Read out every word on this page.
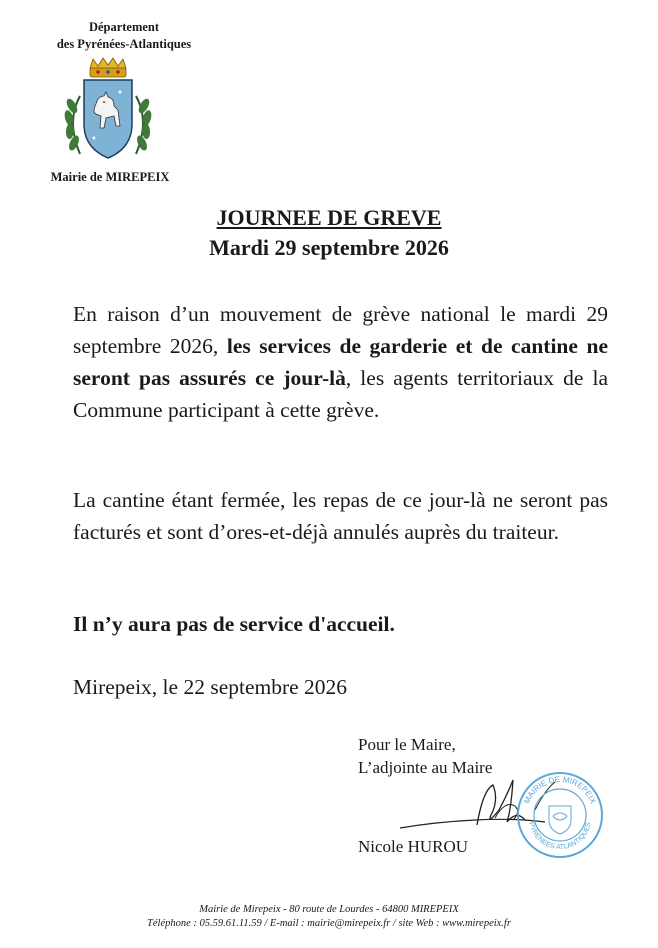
Département
des Pyrénées-Atlantiques
Mairie de MIREPEIX
JOURNEE DE GREVE
Mardi 29 septembre 2026

En raison d’un mouvement de grève national le mardi 29 septembre 2026, les services de garderie et de cantine ne seront pas assurés ce jour-là, les agents territoriaux de la Commune participant à cette grève.

La cantine étant fermée, les repas de ce jour-là ne seront pas facturés et sont d’ores-et-déjà annulés auprès du traiteur.

Il n’y aura pas de service d'accueil.

Mirepeix, le 22 septembre 2026

Pour le Maire,
L’adjointe au Maire
MAIRIE DE MIREPEIX
PYRENEES ATLANTIQUES
Nicole HUROU
Mairie de Mirepeix - 80 route de Lourdes - 64800 MIREPEIX
Téléphone : 05.59.61.11.59 / E-mail : mairie@mirepeix.fr / site Web : www.mirepeix.fr
